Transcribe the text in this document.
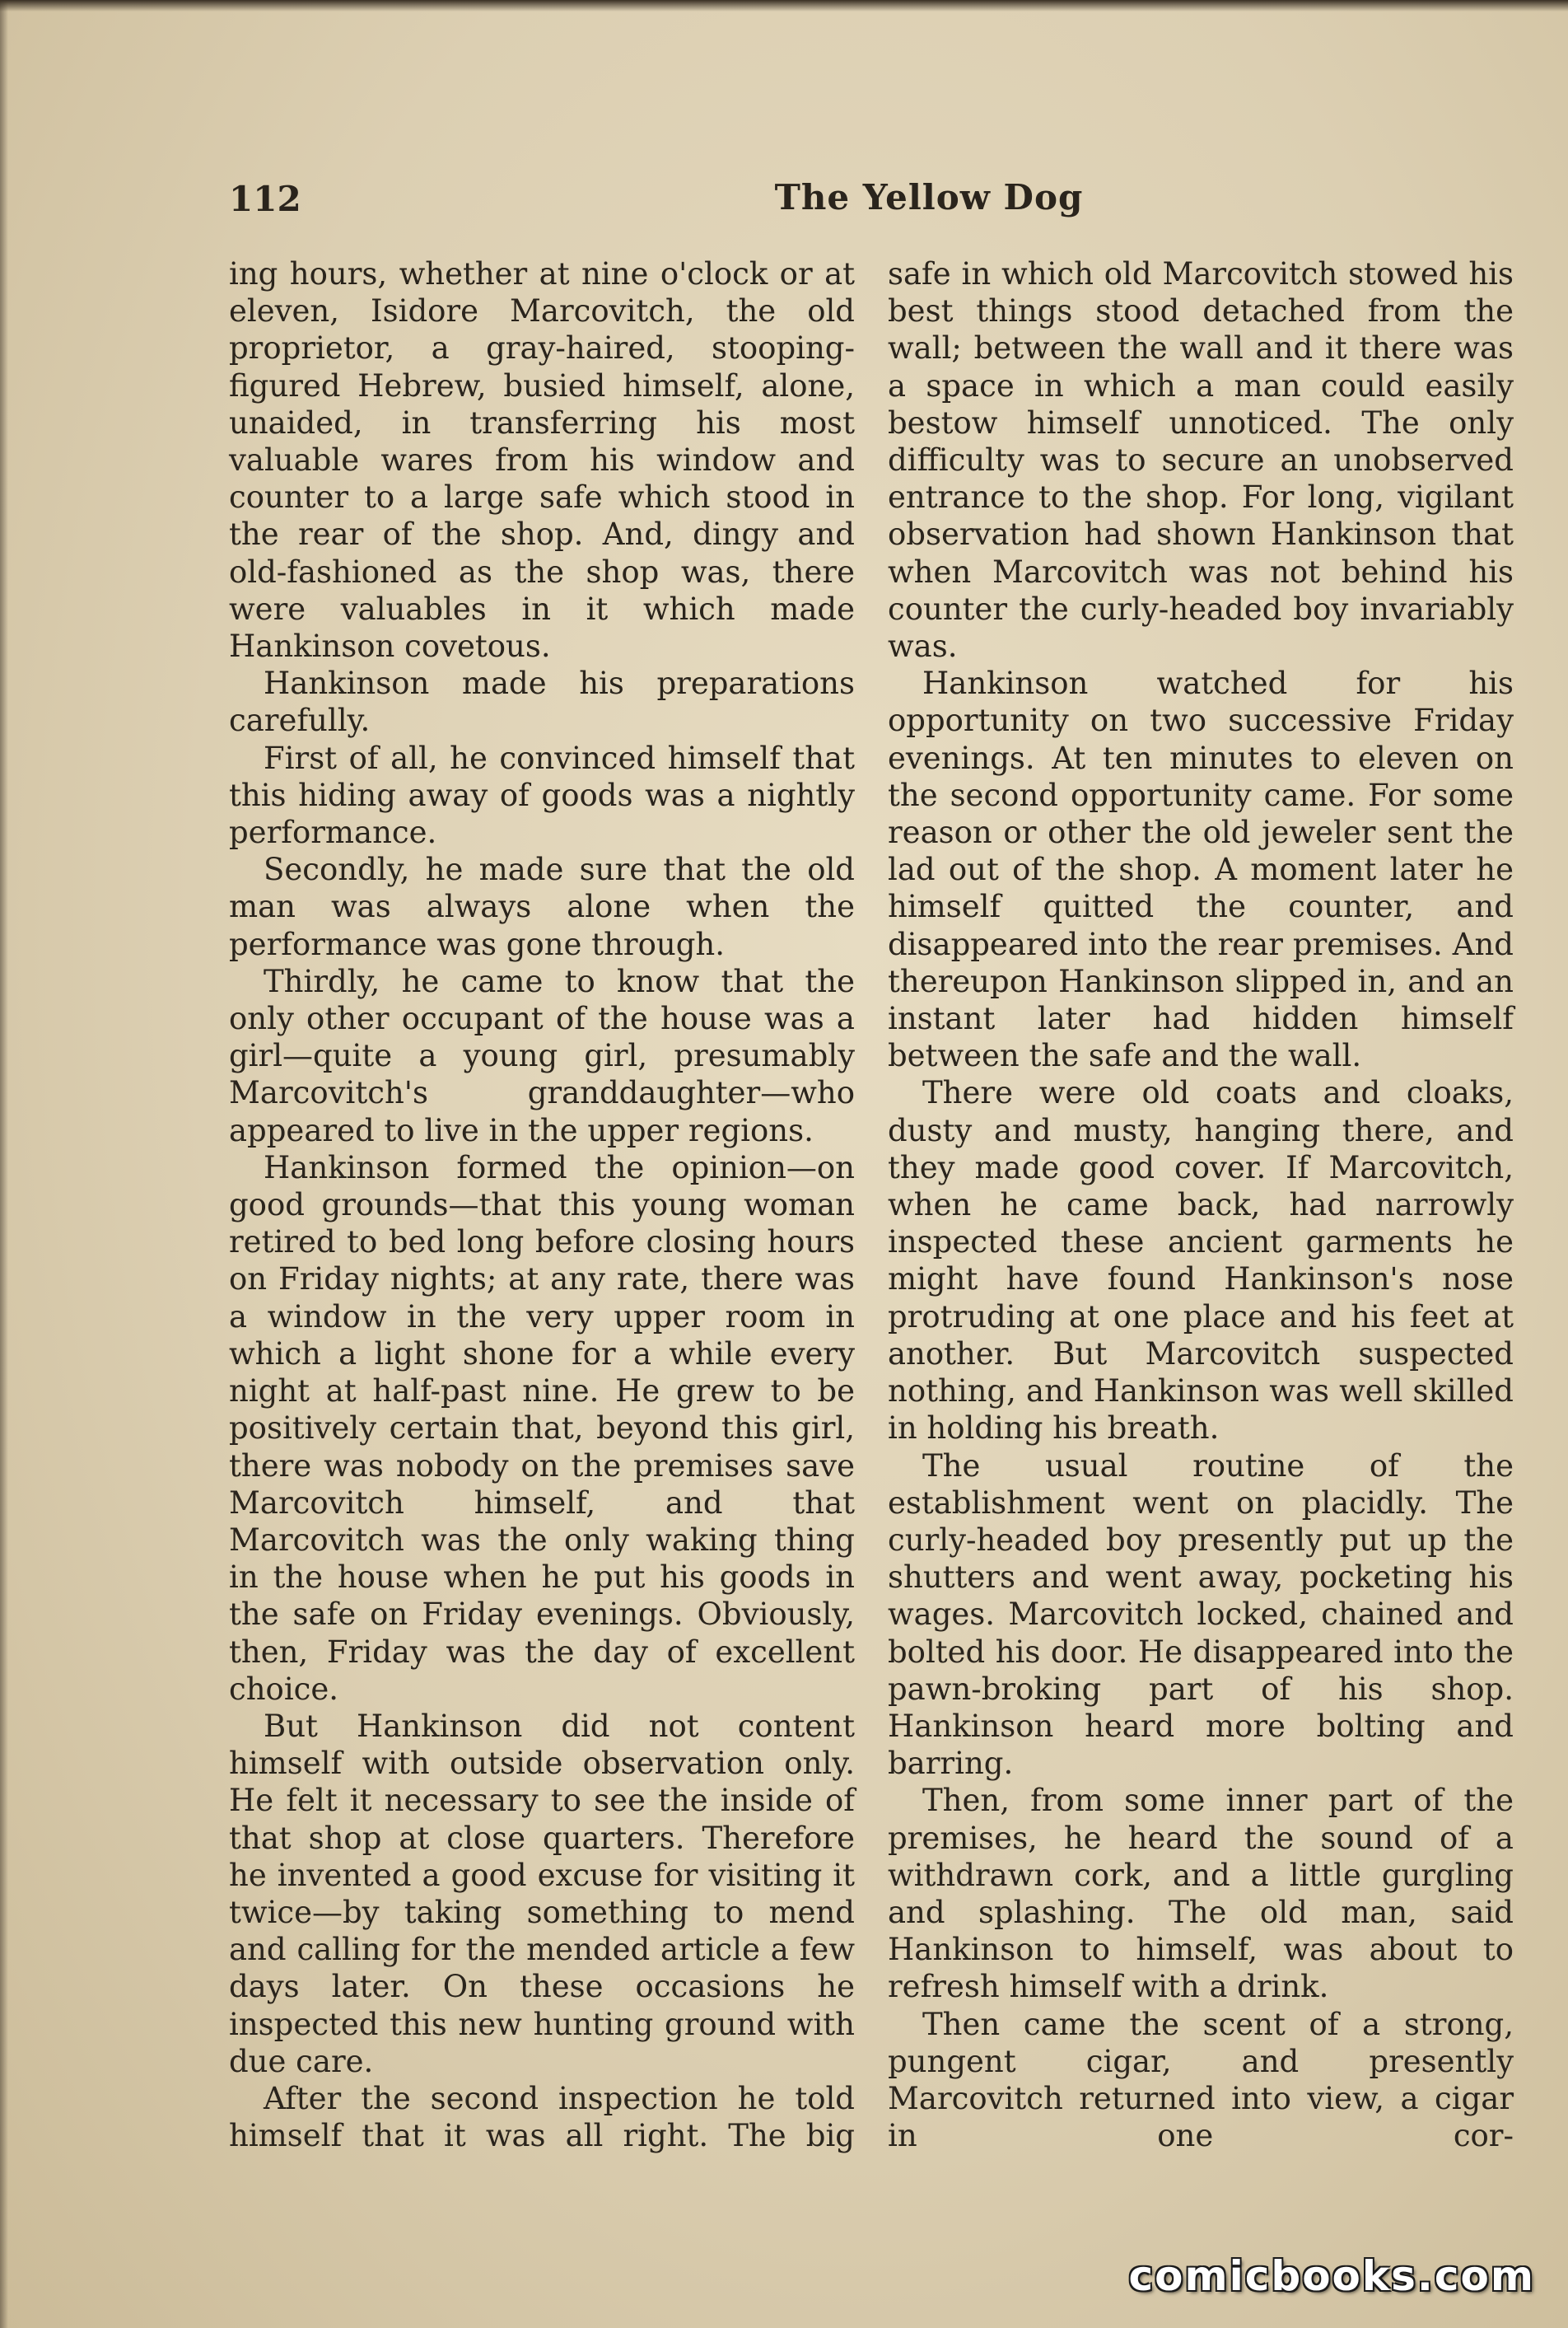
112	The Yellow Dog

ing hours, whether at nine o'clock or at eleven, Isidore Marcovitch, the old proprietor, a gray-haired, stooping-figured Hebrew, busied himself, alone, unaided, in transferring his most valuable wares from his window and counter to a large safe which stood in the rear of the shop. And, dingy and old-fashioned as the shop was, there were valuables in it which made Hankinson covetous.

Hankinson made his preparations carefully.

First of all, he convinced himself that this hiding away of goods was a nightly performance.

Secondly, he made sure that the old man was always alone when the performance was gone through.

Thirdly, he came to know that the only other occupant of the house was a girl—quite a young girl, presumably Marcovitch's granddaughter—who appeared to live in the upper regions.

Hankinson formed the opinion—on good grounds—that this young woman retired to bed long before closing hours on Friday nights; at any rate, there was a window in the very upper room in which a light shone for a while every night at half-past nine. He grew to be positively certain that, beyond this girl, there was nobody on the premises save Marcovitch himself, and that Marcovitch was the only waking thing in the house when he put his goods in the safe on Friday evenings. Obviously, then, Friday was the day of excellent choice.

But Hankinson did not content himself with outside observation only. He felt it necessary to see the inside of that shop at close quarters. Therefore he invented a good excuse for visiting it twice—by taking something to mend and calling for the mended article a few days later. On these occasions he inspected this new hunting ground with due care.

After the second inspection he told himself that it was all right. The big

safe in which old Marcovitch stowed his best things stood detached from the wall; between the wall and it there was a space in which a man could easily bestow himself unnoticed. The only difficulty was to secure an unobserved entrance to the shop. For long, vigilant observation had shown Hankinson that when Marcovitch was not behind his counter the curly-headed boy invariably was.

Hankinson watched for his opportunity on two successive Friday evenings. At ten minutes to eleven on the second opportunity came. For some reason or other the old jeweler sent the lad out of the shop. A moment later he himself quitted the counter, and disappeared into the rear premises. And thereupon Hankinson slipped in, and an instant later had hidden himself between the safe and the wall.

There were old coats and cloaks, dusty and musty, hanging there, and they made good cover. If Marcovitch, when he came back, had narrowly inspected these ancient garments he might have found Hankinson's nose protruding at one place and his feet at another. But Marcovitch suspected nothing, and Hankinson was well skilled in holding his breath.

The usual routine of the establishment went on placidly. The curly-headed boy presently put up the shutters and went away, pocketing his wages. Marcovitch locked, chained and bolted his door. He disappeared into the pawn-broking part of his shop. Hankinson heard more bolting and barring.

Then, from some inner part of the premises, he heard the sound of a withdrawn cork, and a little gurgling and splashing. The old man, said Hankinson to himself, was about to refresh himself with a drink.

Then came the scent of a strong, pungent cigar, and presently Marcovitch returned into view, a cigar in one cor-

comicbooks.com
